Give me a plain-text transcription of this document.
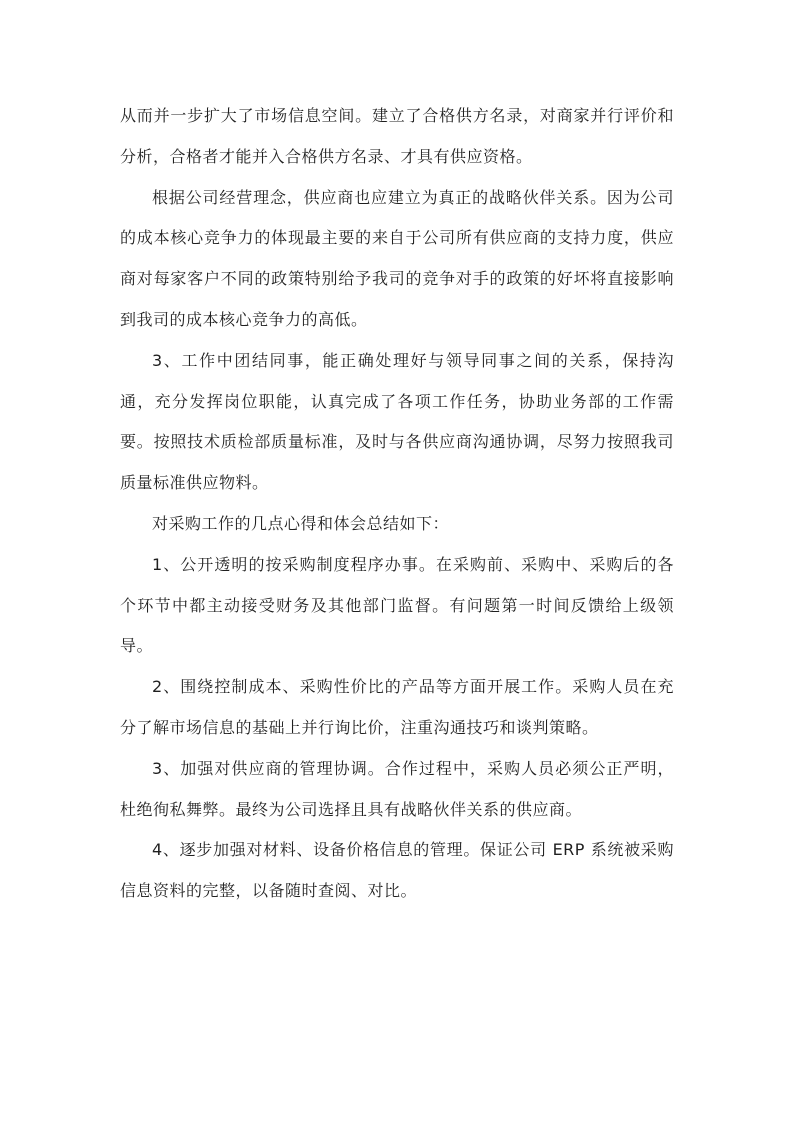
从而并一步扩大了市场信息空间。建立了合格供方名录，对商家并行评价和分析，合格者才能并入合格供方名录、才具有供应资格。

根据公司经营理念，供应商也应建立为真正的战略伙伴关系。因为公司的成本核心竞争力的体现最主要的来自于公司所有供应商的支持力度，供应商对每家客户不同的政策特别给予我司的竞争对手的政策的好坏将直接影响到我司的成本核心竞争力的高低。

3、工作中团结同事，能正确处理好与领导同事之间的关系，保持沟通，充分发挥岗位职能，认真完成了各项工作任务，协助业务部的工作需要。按照技术质检部质量标准，及时与各供应商沟通协调，尽努力按照我司质量标准供应物料。

对采购工作的几点心得和体会总结如下：

1、公开透明的按采购制度程序办事。在采购前、采购中、采购后的各个环节中都主动接受财务及其他部门监督。有问题第一时间反馈给上级领导。

2、围绕控制成本、采购性价比的产品等方面开展工作。采购人员在充分了解市场信息的基础上并行询比价，注重沟通技巧和谈判策略。

3、加强对供应商的管理协调。合作过程中，采购人员必须公正严明，杜绝徇私舞弊。最终为公司选择且具有战略伙伴关系的供应商。

4、逐步加强对材料、设备价格信息的管理。保证公司 ERP 系统被采购信息资料的完整，以备随时查阅、对比。
